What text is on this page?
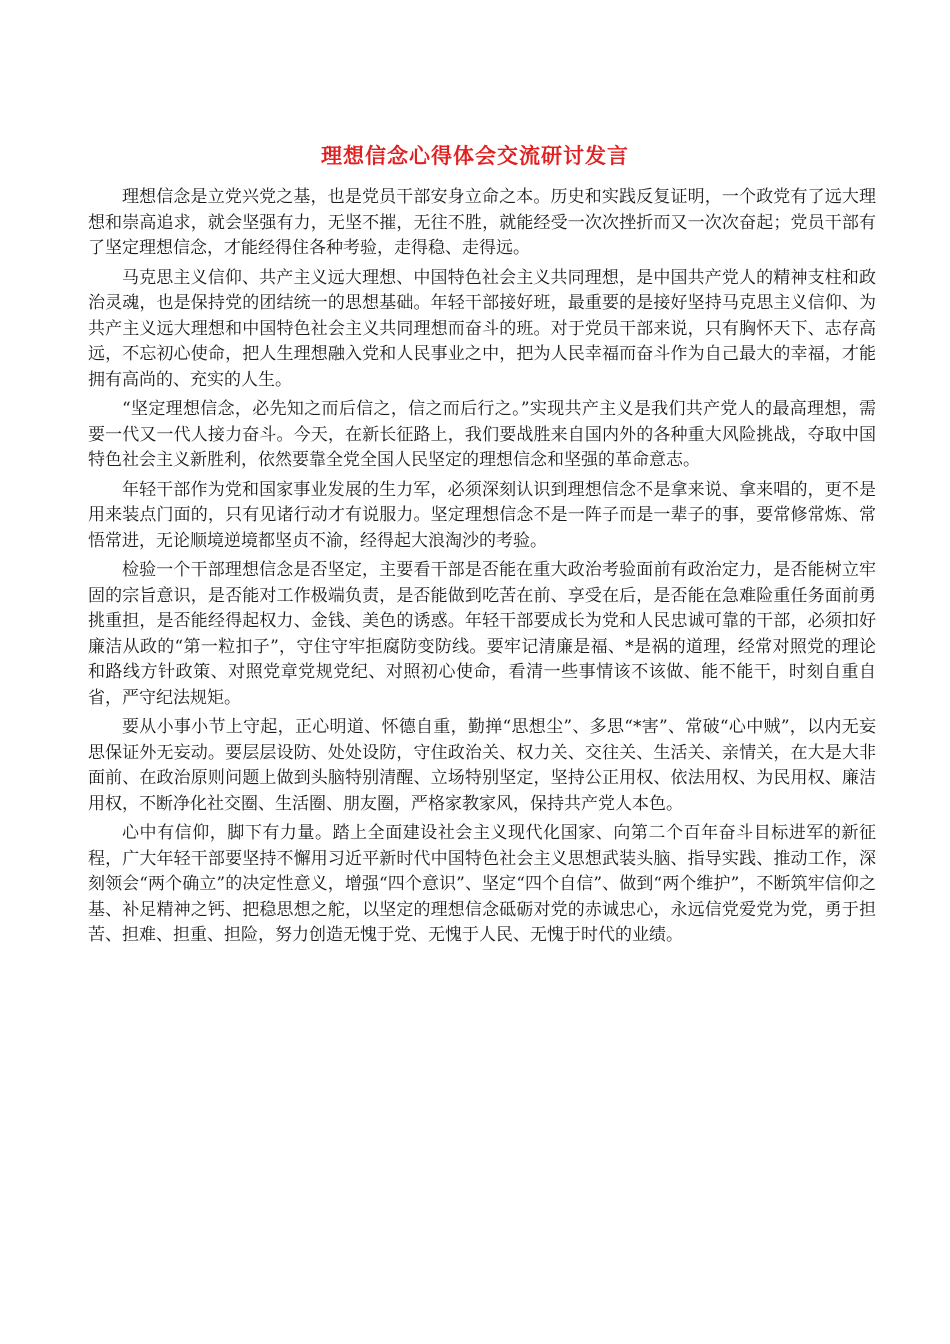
理想信念心得体会交流研讨发言

理想信念是立党兴党之基，也是党员干部安身立命之本。历史和实践反复证明，一个政党有了远大理想和崇高追求，就会坚强有力，无坚不摧，无往不胜，就能经受一次次挫折而又一次次奋起；党员干部有了坚定理想信念，才能经得住各种考验，走得稳、走得远。

马克思主义信仰、共产主义远大理想、中国特色社会主义共同理想，是中国共产党人的精神支柱和政治灵魂，也是保持党的团结统一的思想基础。年轻干部接好班，最重要的是接好坚持马克思主义信仰、为共产主义远大理想和中国特色社会主义共同理想而奋斗的班。对于党员干部来说，只有胸怀天下、志存高远，不忘初心使命，把人生理想融入党和人民事业之中，把为人民幸福而奋斗作为自己最大的幸福，才能拥有高尚的、充实的人生。

“坚定理想信念，必先知之而后信之，信之而后行之。”实现共产主义是我们共产党人的最高理想，需要一代又一代人接力奋斗。今天，在新长征路上，我们要战胜来自国内外的各种重大风险挑战，夺取中国特色社会主义新胜利，依然要靠全党全国人民坚定的理想信念和坚强的革命意志。

年轻干部作为党和国家事业发展的生力军，必须深刻认识到理想信念不是拿来说、拿来唱的，更不是用来装点门面的，只有见诸行动才有说服力。坚定理想信念不是一阵子而是一辈子的事，要常修常炼、常悟常进，无论顺境逆境都坚贞不渝，经得起大浪淘沙的考验。

检验一个干部理想信念是否坚定，主要看干部是否能在重大政治考验面前有政治定力，是否能树立牢固的宗旨意识，是否能对工作极端负责，是否能做到吃苦在前、享受在后，是否能在急难险重任务面前勇挑重担，是否能经得起权力、金钱、美色的诱惑。年轻干部要成长为党和人民忠诚可靠的干部，必须扣好廉洁从政的“第一粒扣子”，守住守牢拒腐防变防线。要牢记清廉是福、*是祸的道理，经常对照党的理论和路线方针政策、对照党章党规党纪、对照初心使命，看清一些事情该不该做、能不能干，时刻自重自省，严守纪法规矩。

要从小事小节上守起，正心明道、怀德自重，勤掸“思想尘”、多思“*害”、常破“心中贼”，以内无妄思保证外无妄动。要层层设防、处处设防，守住政治关、权力关、交往关、生活关、亲情关，在大是大非面前、在政治原则问题上做到头脑特别清醒、立场特别坚定，坚持公正用权、依法用权、为民用权、廉洁用权，不断净化社交圈、生活圈、朋友圈，严格家教家风，保持共产党人本色。

心中有信仰，脚下有力量。踏上全面建设社会主义现代化国家、向第二个百年奋斗目标进军的新征程，广大年轻干部要坚持不懈用习近平新时代中国特色社会主义思想武装头脑、指导实践、推动工作，深刻领会“两个确立”的决定性意义，增强“四个意识”、坚定“四个自信”、做到“两个维护”，不断筑牢信仰之基、补足精神之钙、把稳思想之舵，以坚定的理想信念砥砺对党的赤诚忠心，永远信党爱党为党，勇于担苦、担难、担重、担险，努力创造无愧于党、无愧于人民、无愧于时代的业绩。
